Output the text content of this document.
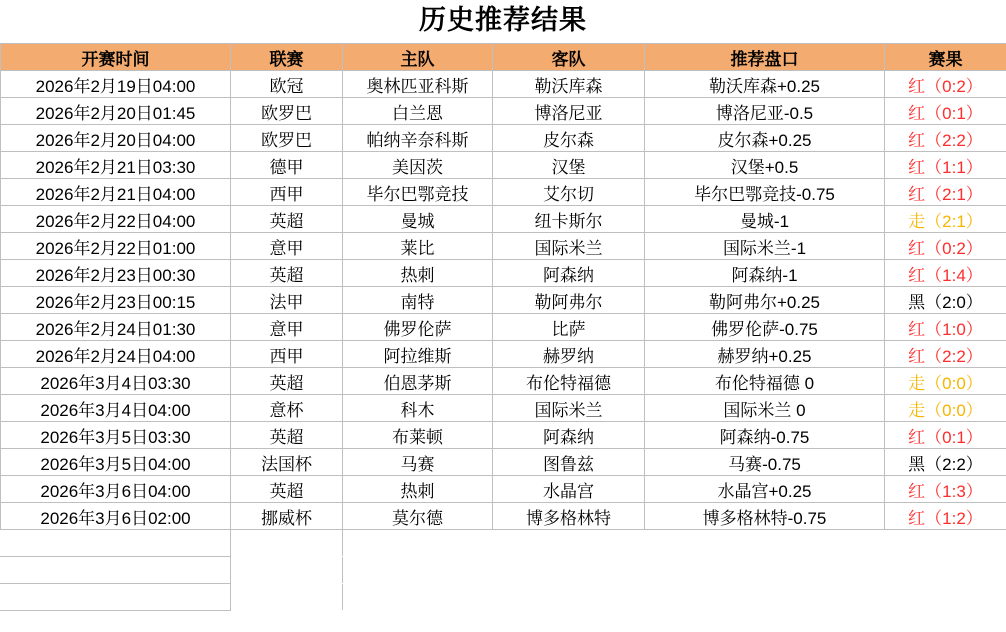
历史推荐结果
开赛时间	联赛	主队	客队	推荐盘口	赛果
2026年2月19日04:00	欧冠	奥林匹亚科斯	勒沃库森	勒沃库森+0.25	红（0:2）
2026年2月20日01:45	欧罗巴	白兰恩	博洛尼亚	博洛尼亚-0.5	红（0:1）
2026年2月20日04:00	欧罗巴	帕纳辛奈科斯	皮尔森	皮尔森+0.25	红（2:2）
2026年2月21日03:30	德甲	美因茨	汉堡	汉堡+0.5	红（1:1）
2026年2月21日04:00	西甲	毕尔巴鄂竞技	艾尔切	毕尔巴鄂竞技-0.75	红（2:1）
2026年2月22日04:00	英超	曼城	纽卡斯尔	曼城-1	走（2:1）
2026年2月22日01:00	意甲	莱比	国际米兰	国际米兰-1	红（0:2）
2026年2月23日00:30	英超	热刺	阿森纳	阿森纳-1	红（1:4）
2026年2月23日00:15	法甲	南特	勒阿弗尔	勒阿弗尔+0.25	黑（2:0）
2026年2月24日01:30	意甲	佛罗伦萨	比萨	佛罗伦萨-0.75	红（1:0）
2026年2月24日04:00	西甲	阿拉维斯	赫罗纳	赫罗纳+0.25	红（2:2）
2026年3月4日03:30	英超	伯恩茅斯	布伦特福德	布伦特福德 0	走（0:0）
2026年3月4日04:00	意杯	科木	国际米兰	国际米兰 0	走（0:0）
2026年3月5日03:30	英超	布莱顿	阿森纳	阿森纳-0.75	红（0:1）
2026年3月5日04:00	法国杯	马赛	图鲁兹	马赛-0.75	黑（2:2）
2026年3月6日04:00	英超	热刺	水晶宫	水晶宫+0.25	红（1:3）
2026年3月6日02:00	挪威杯	莫尔德	博多格林特	博多格林特-0.75	红（1:2）
